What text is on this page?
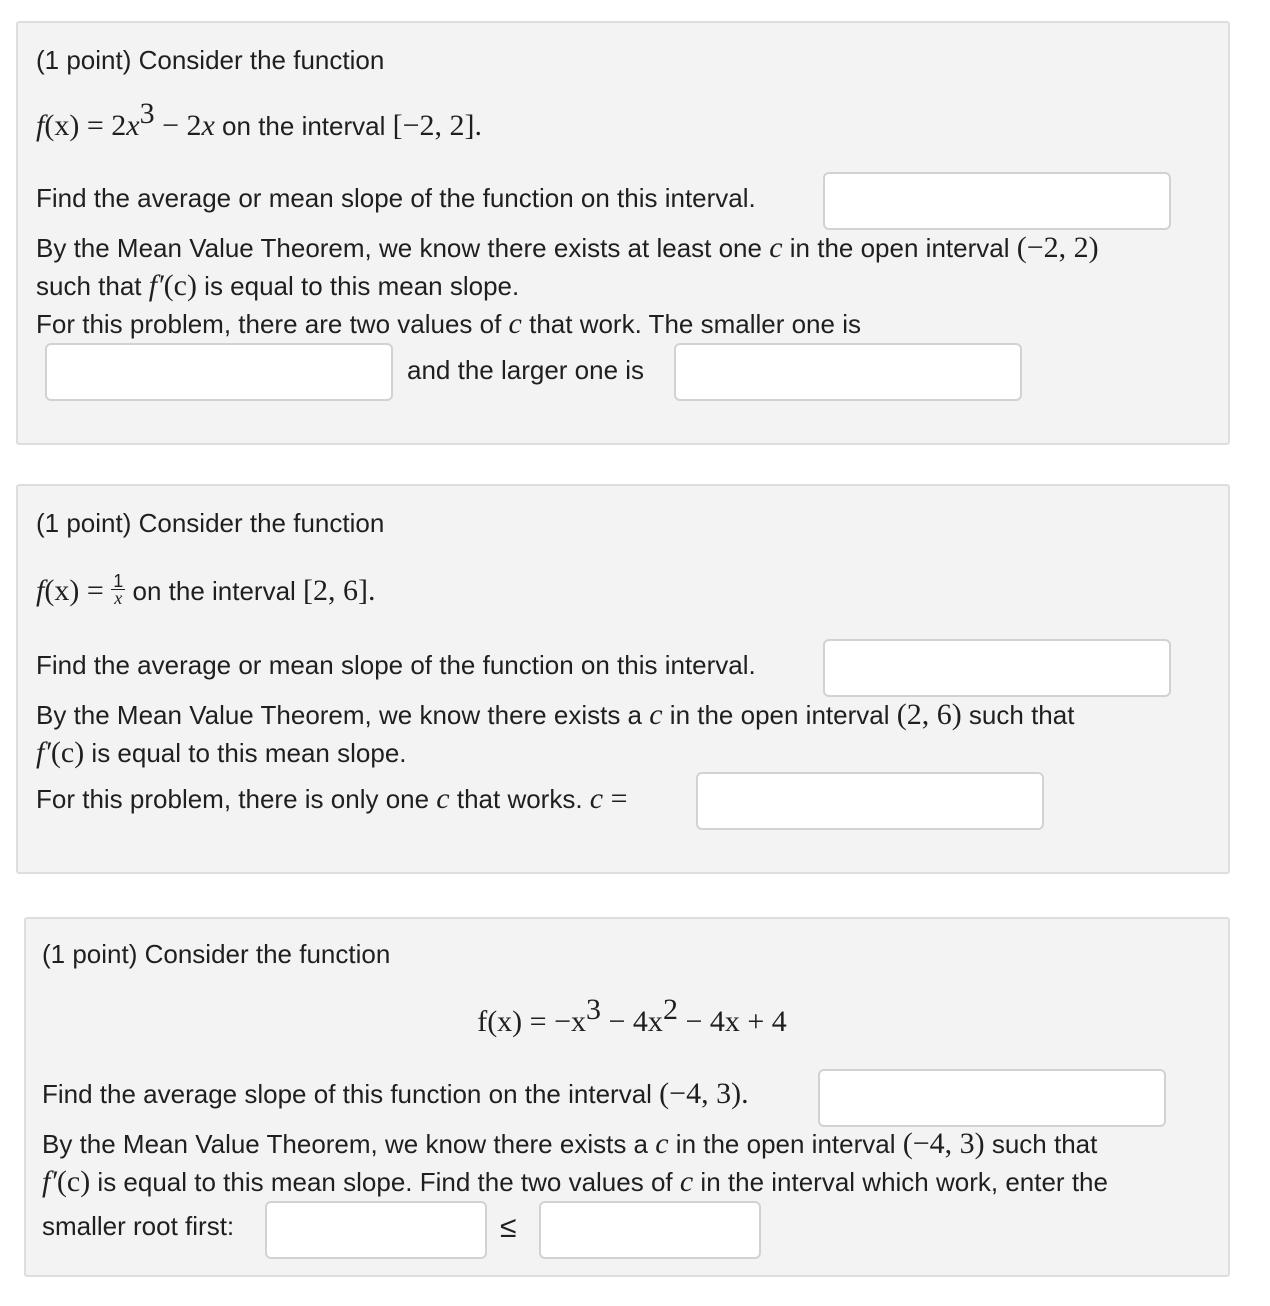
(1 point) Consider the function
$f(x) = 2x^3 - 2x$ on the interval [−2, 2].
Find the average or mean slope of the function on this interval.
By the Mean Value Theorem, we know there exists at least one c in the open interval (−2, 2)
such that f′(c) is equal to this mean slope.
For this problem, there are two values of c that work. The smaller one is
and the larger one is
(1 point) Consider the function
$f(x) = \frac{1}{x}$ on the interval [2, 6].
Find the average or mean slope of the function on this interval.
By the Mean Value Theorem, we know there exists a c in the open interval (2, 6) such that
f′(c) is equal to this mean slope.
For this problem, there is only one c that works. c =
(1 point) Consider the function
$f(x) = -x^3 - 4x^2 - 4x + 4$
Find the average slope of this function on the interval (−4, 3).
By the Mean Value Theorem, we know there exists a c in the open interval (−4, 3) such that
f′(c) is equal to this mean slope. Find the two values of c in the interval which work, enter the
smaller root first:	≤
